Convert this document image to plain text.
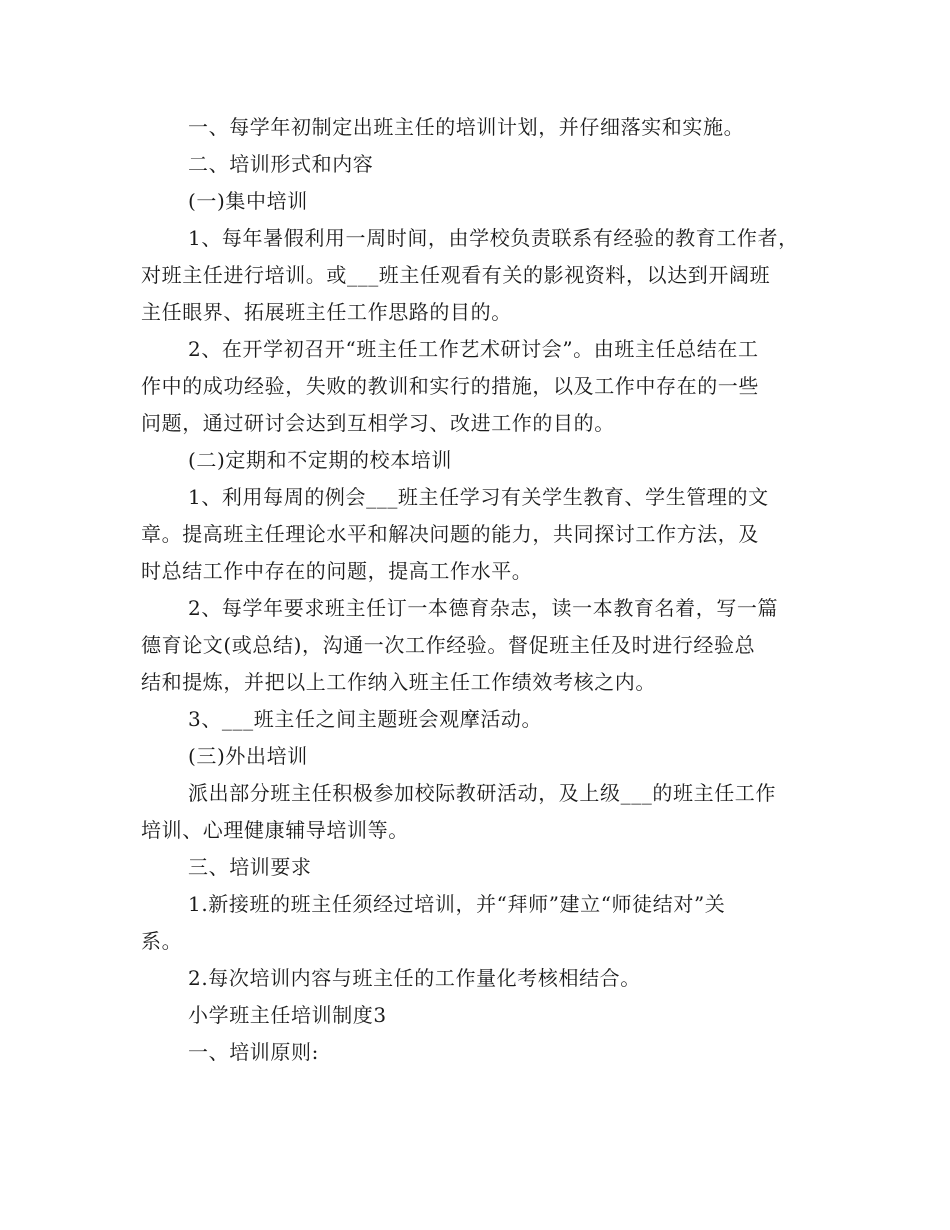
一、每学年初制定出班主任的培训计划，并仔细落实和实施。
二、培训形式和内容
(一)集中培训
1、每年暑假利用一周时间，由学校负责联系有经验的教育工作者，
对班主任进行培训。或___班主任观看有关的影视资料，以达到开阔班
主任眼界、拓展班主任工作思路的目的。
2、在开学初召开“班主任工作艺术研讨会”。由班主任总结在工
作中的成功经验，失败的教训和实行的措施，以及工作中存在的一些
问题，通过研讨会达到互相学习、改进工作的目的。
(二)定期和不定期的校本培训
1、利用每周的例会___班主任学习有关学生教育、学生管理的文
章。提高班主任理论水平和解决问题的能力，共同探讨工作方法，及
时总结工作中存在的问题，提高工作水平。
2、每学年要求班主任订一本德育杂志，读一本教育名着，写一篇
德育论文(或总结)，沟通一次工作经验。督促班主任及时进行经验总
结和提炼，并把以上工作纳入班主任工作绩效考核之内。
3、___班主任之间主题班会观摩活动。
(三)外出培训
派出部分班主任积极参加校际教研活动，及上级___的班主任工作
培训、心理健康辅导培训等。
三、培训要求
1.新接班的班主任须经过培训，并“拜师”建立“师徒结对”关
系。
2.每次培训内容与班主任的工作量化考核相结合。
小学班主任培训制度3
一、培训原则:
